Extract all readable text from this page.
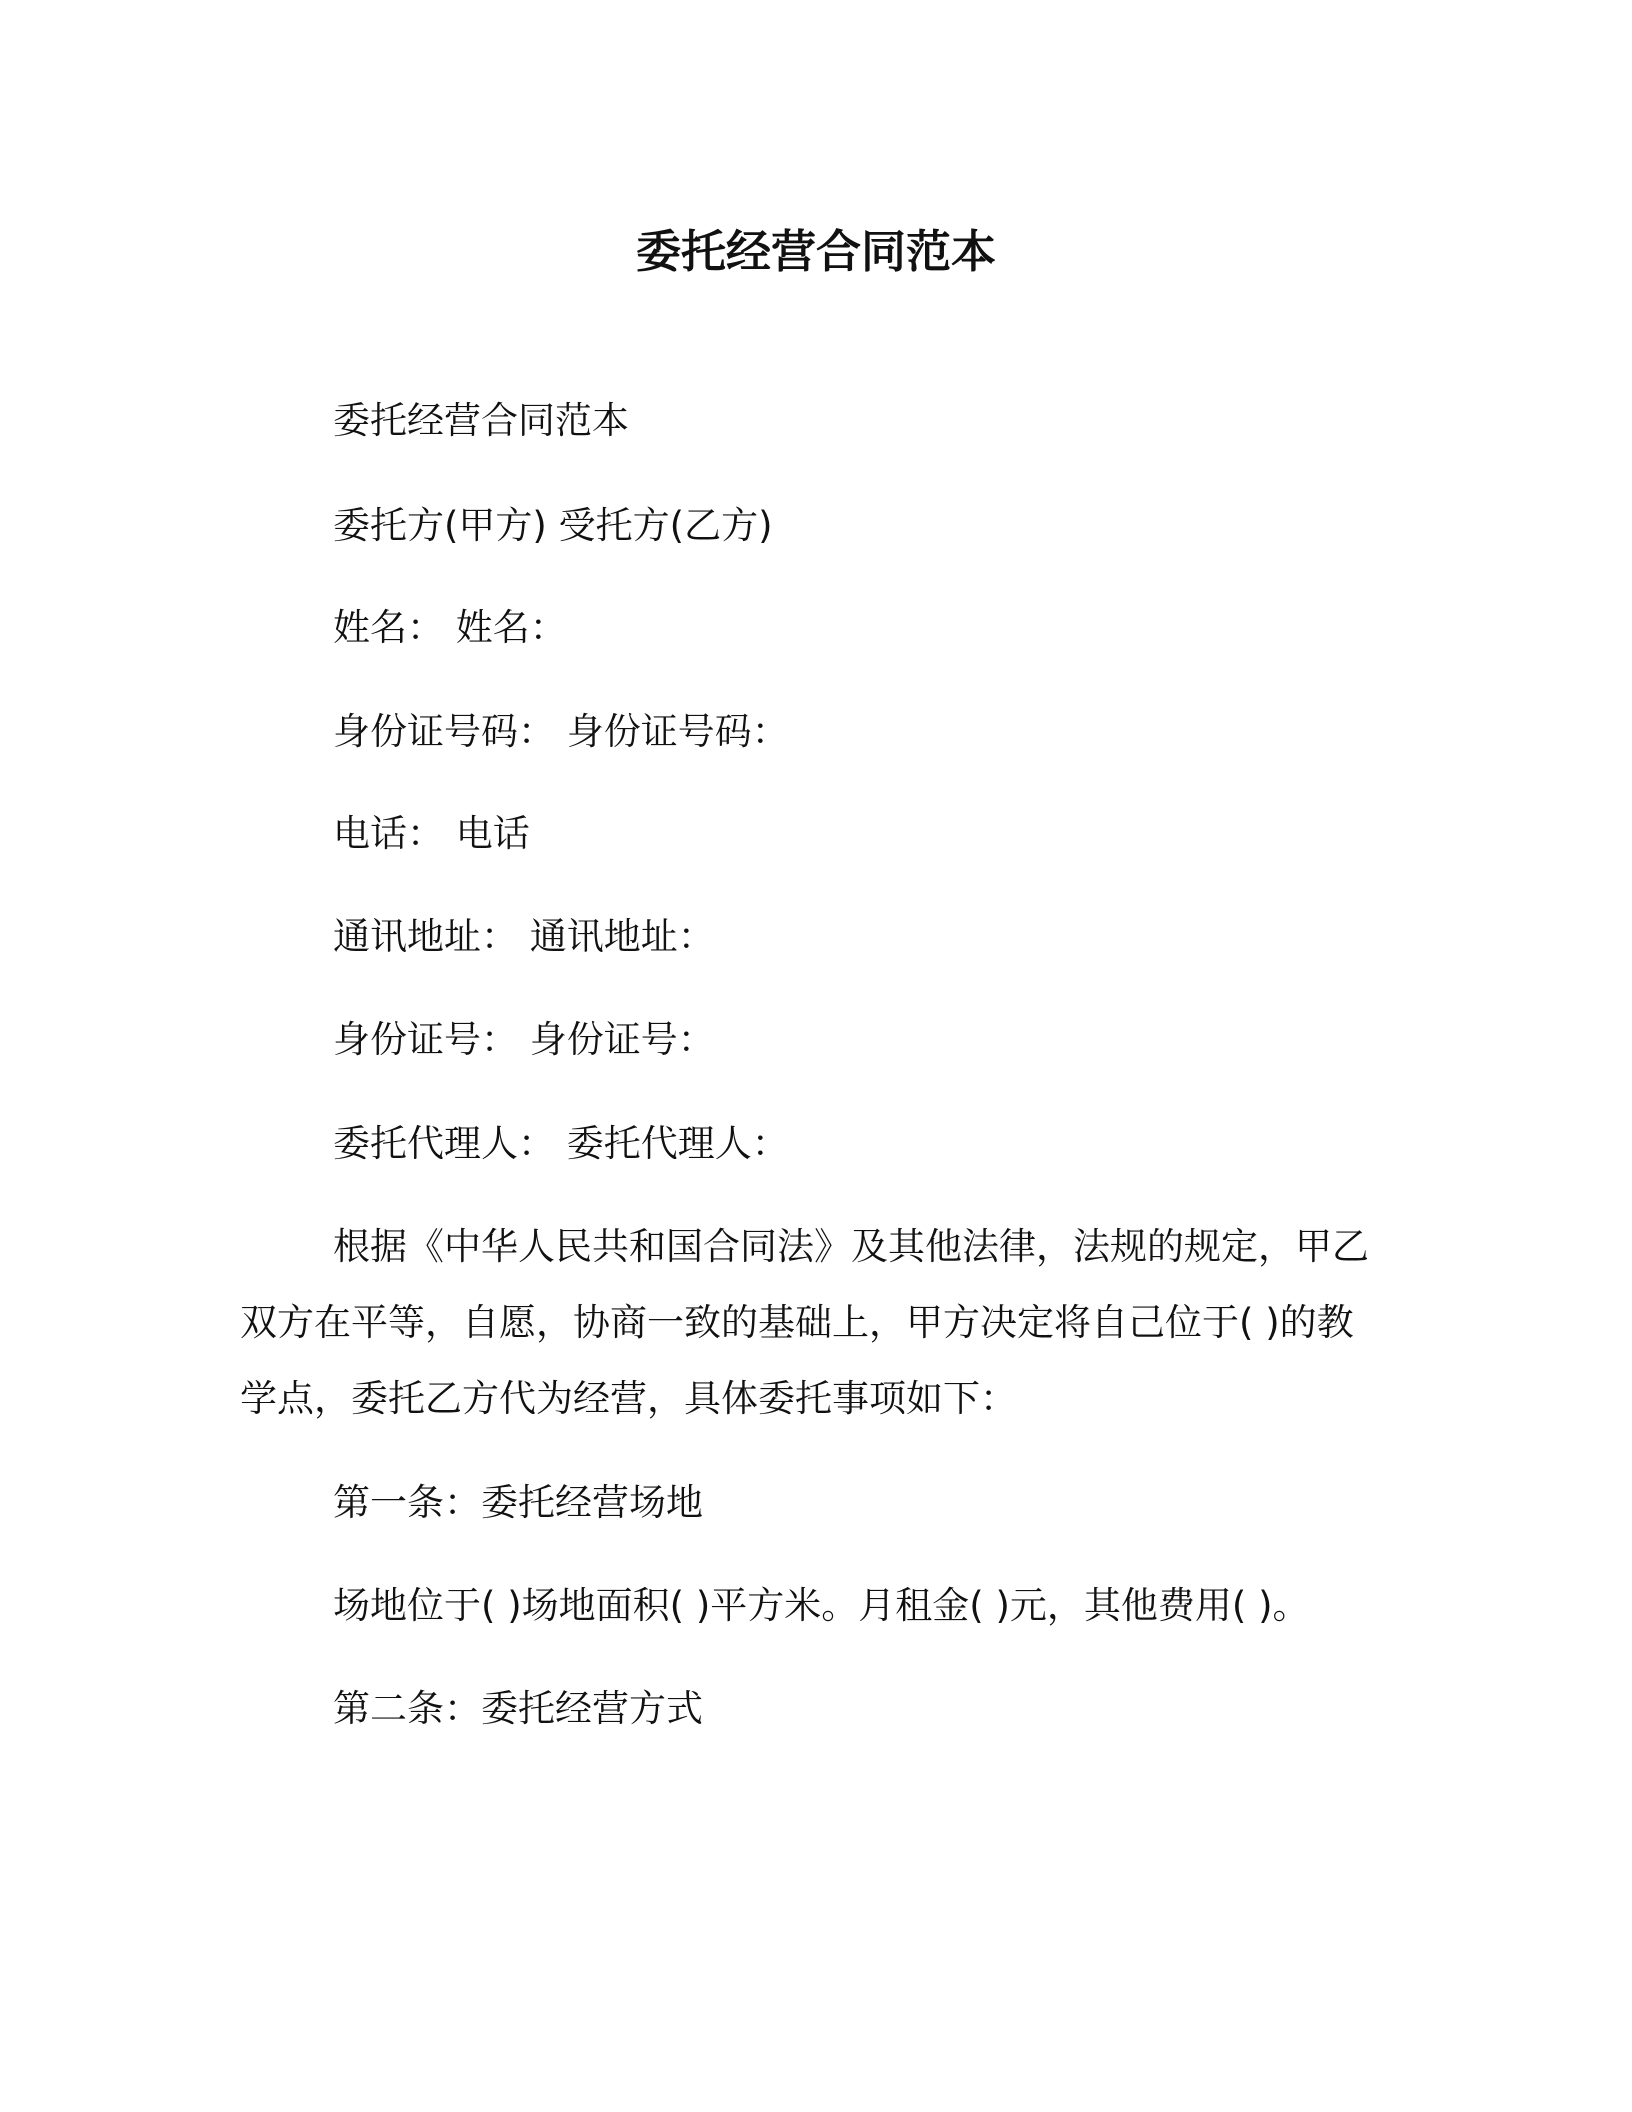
委托经营合同范本

委托经营合同范本

委托方(甲方) 受托方(乙方)

姓名： 姓名：

身份证号码： 身份证号码：

电话： 电话

通讯地址： 通讯地址：

身份证号： 身份证号：

委托代理人： 委托代理人：

根据《中华人民共和国合同法》及其他法律，法规的规定，甲乙
双方在平等，自愿，协商一致的基础上，甲方决定将自己位于( )的教
学点，委托乙方代为经营，具体委托事项如下：

第一条：委托经营场地

场地位于( )场地面积( )平方米。月租金( )元，其他费用( )。

第二条：委托经营方式
